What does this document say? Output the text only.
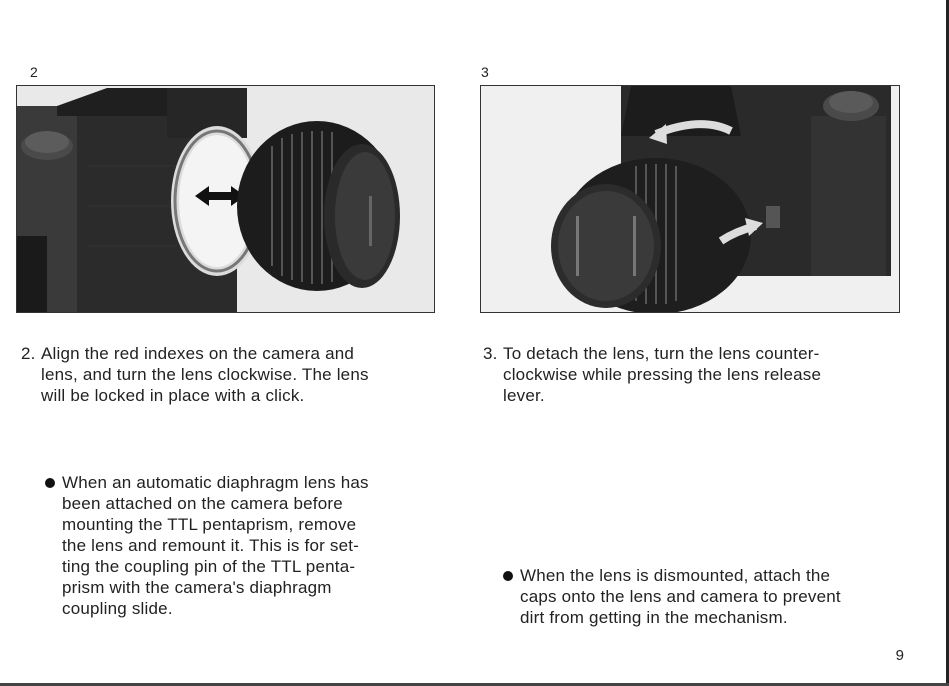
2	3
2. Align the red indexes on the camera and
lens, and turn the lens clockwise. The lens
will be locked in place with a click.
When an automatic diaphragm lens has
been attached on the camera before
mounting the TTL pentaprism, remove
the lens and remount it. This is for set-
ting the coupling pin of the TTL penta-
prism with the camera's diaphragm
coupling slide.
3. To detach the lens, turn the lens counter-
clockwise while pressing the lens release
lever.
When the lens is dismounted, attach the
caps onto the lens and camera to prevent
dirt from getting in the mechanism.
9
